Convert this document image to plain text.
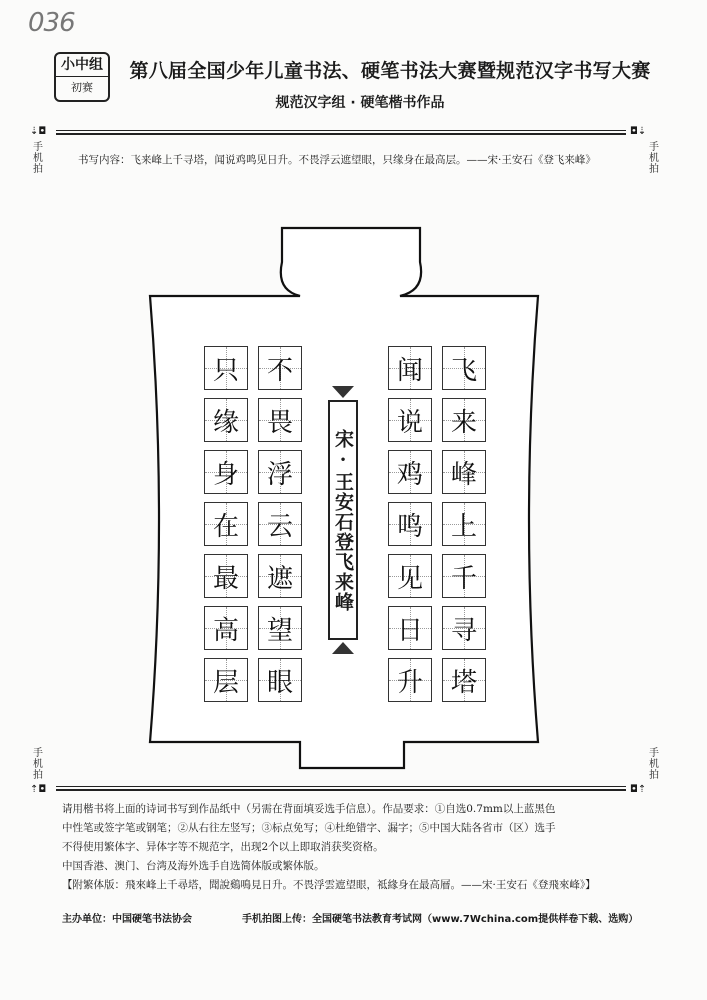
036
小中组
初赛
第八届全国少年儿童书法、硬笔书法大赛暨规范汉字书写大赛
规范汉字组 · 硬笔楷书作品
⇣◘	◘⇣
手机拍
手机拍
书写内容：飞来峰上千寻塔，闻说鸡鸣见日升。不畏浮云遮望眼，只缘身在最高层。——宋·王安石《登飞来峰》
飞
来
峰
上
千
寻
塔
闻
说
鸡
鸣
见
日
升
不
畏
浮
云
遮
望
眼
只
缘
身
在
最
高
层
宋·王安石登飞来峰
手机拍
手机拍
⇡◘	◘⇡

请用楷书将上面的诗词书写到作品纸中（另需在背面填妥选手信息）。作品要求：①自选0.7mm以上蓝黑色

中性笔或签字笔或钢笔；②从右往左竖写；③标点免写；④杜绝错字、漏字；⑤中国大陆各省市（区）选手

不得使用繁体字、异体字等不规范字，出现2个以上即取消获奖资格。

中国香港、澳门、台湾及海外选手自选简体版或繁体版。

【附繁体版：飛來峰上千尋塔，聞說鷄鳴見日升。不畏浮雲遮望眼，祗緣身在最高層。——宋·王安石《登飛來峰》】

主办单位：中国硬笔书法协会	手机拍图上传：全国硬笔书法教育考试网（www.7Wchina.com提供样卷下载、选购）
